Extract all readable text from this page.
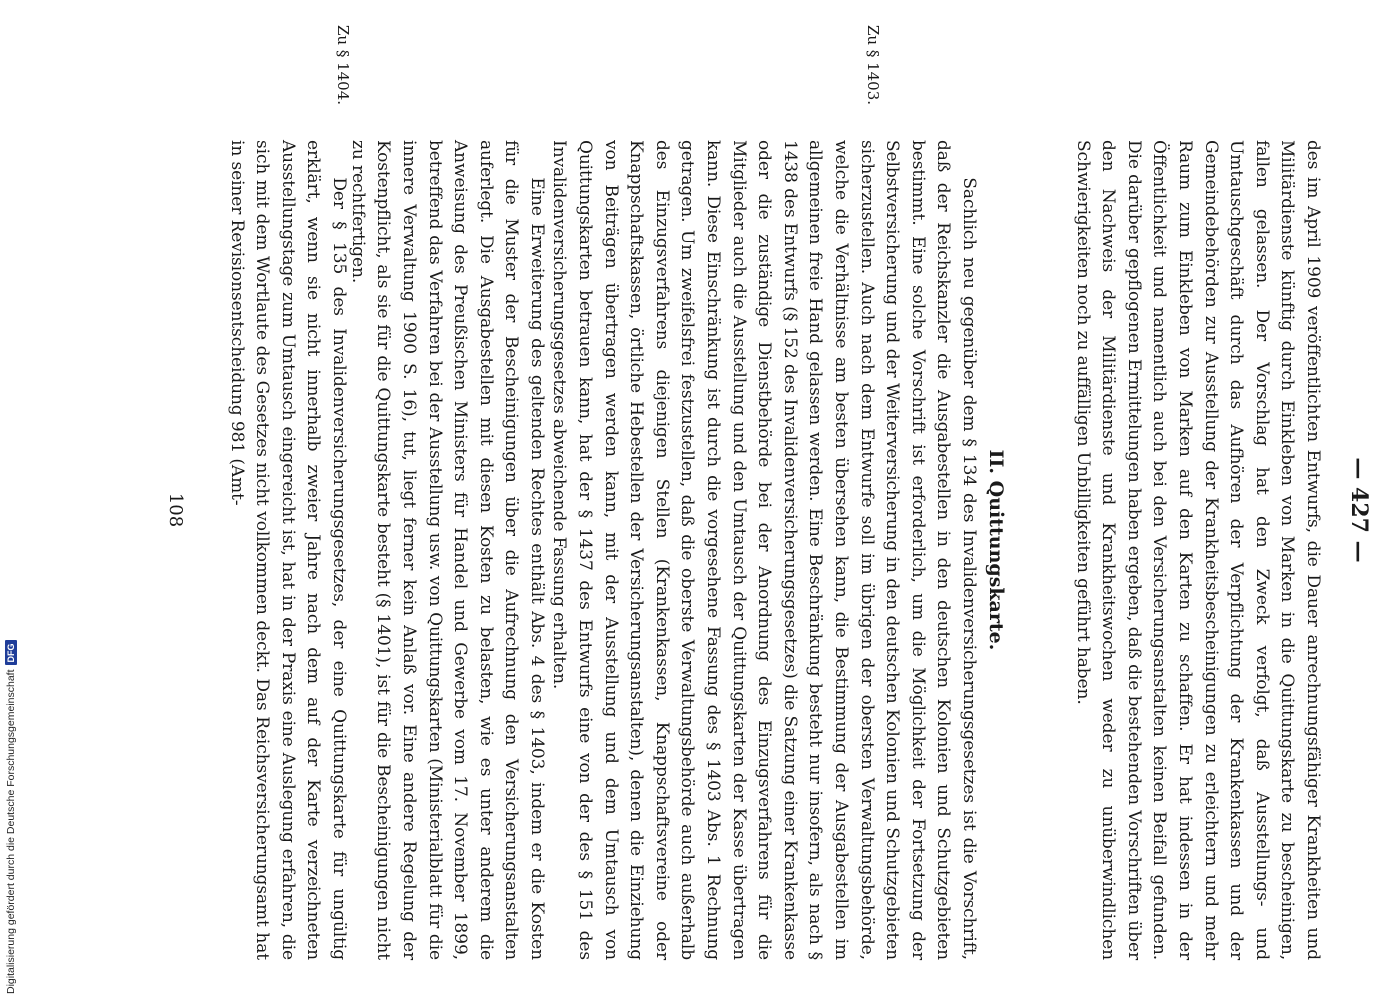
— 427 —

des im April 1909 veröffentlichten Entwurfs, die Dauer anrechnungsfähiger Krankheiten und Militärdienste künftig durch Einkleben von Marken in die Quittungskarte zu bescheinigen, fallen gelassen. Der Vorschlag hat den Zweck verfolgt, daß Ausstellungs- und Umtauschgeschäft durch das Aufhören der Verpflichtung der Krankenkassen und der Gemeindebehörden zur Ausstellung der Krankheitsbescheinigungen zu erleichtern und mehr Raum zum Einkleben von Marken auf den Karten zu schaffen. Er hat indessen in der Öffentlichkeit und namentlich auch bei den Versicherungsanstalten keinen Beifall gefunden. Die darüber gepflogenen Ermittelungen haben ergeben, daß die bestehenden Vorschriften über den Nachweis der Militärdienste und Krankheitswochen weder zu unüberwindlichen Schwierigkeiten noch zu auffälligen Unbilligkeiten geführt haben.

II. Quittungskarte.
Zu § 1403.

Sachlich neu gegenüber dem § 134 des Invalidenversicherungsgesetzes ist die Vorschrift, daß der Reichskanzler die Ausgabestellen in den deutschen Kolonien und Schutzgebieten bestimmt. Eine solche Vorschrift ist erforderlich, um die Möglichkeit der Fortsetzung der Selbstversicherung und der Weiterversicherung in den deutschen Kolonien und Schutzgebieten sicherzustellen. Auch nach dem Entwurfe soll im übrigen der obersten Verwaltungsbehörde, welche die Verhältnisse am besten übersehen kann, die Bestimmung der Ausgabestellen im allgemeinen freie Hand gelassen werden. Eine Beschränkung besteht nur insofern, als nach § 1438 des Entwurfs (§ 152 des Invalidenversicherungsgesetzes) die Satzung einer Krankenkasse oder die zuständige Dienstbehörde bei der Anordnung des Einzugsverfahrens für die Mitglieder auch die Ausstellung und den Umtausch der Quittungskarten der Kasse übertragen kann. Diese Einschränkung ist durch die vorgesehene Fassung des § 1403 Abs. 1 Rechnung getragen. Um zweifelsfrei festzustellen, daß die oberste Verwaltungsbehörde auch außerhalb des Einzugsverfahrens diejenigen Stellen (Krankenkassen, Knappschaftsvereine oder Knappschaftskassen, örtliche Hebestellen der Versicherungsanstalten), denen die Einziehung von Beiträgen übertragen werden kann, mit der Ausstellung und dem Umtausch von Quittungskarten betrauen kann, hat der § 1437 des Entwurfs eine von der des § 151 des Invalidenversicherungsgesetzes abweichende Fassung erhalten.

Eine Erweiterung des geltenden Rechtes enthält Abs. 4 des § 1403, indem er die Kosten für die Muster der Bescheinigungen über die Aufrechnung den Versicherungsanstalten auferlegt. Die Ausgabestellen mit diesen Kosten zu belasten, wie es unter anderem die Anweisung des Preußischen Ministers für Handel und Gewerbe vom 17. November 1899, betreffend das Verfahren bei der Ausstellung usw. von Quittungskarten (Ministerialblatt für die innere Verwaltung 1900 S. 16), tut, liegt ferner kein Anlaß vor. Eine andere Regelung der Kostenpflicht, als sie für die Quittungskarte besteht (§ 1401), ist für die Bescheinigungen nicht zu rechtfertigen.

Zu § 1404.

Der § 135 des Invalidenversicherungsgesetzes, der eine Quittungskarte für ungültig erklärt, wenn sie nicht innerhalb zweier Jahre nach dem auf der Karte verzeichneten Ausstellungstage zum Umtausch eingereicht ist, hat in der Praxis eine Auslegung erfahren, die sich mit dem Wortlaute des Gesetzes nicht vollkommen deckt. Das Reichsversicherungsamt hat in seiner Revisionsentscheidung 981 (Amt-

108
Digitalisierung gefördert durch die Deutsche Forschungsgemeinschaft
DFG
